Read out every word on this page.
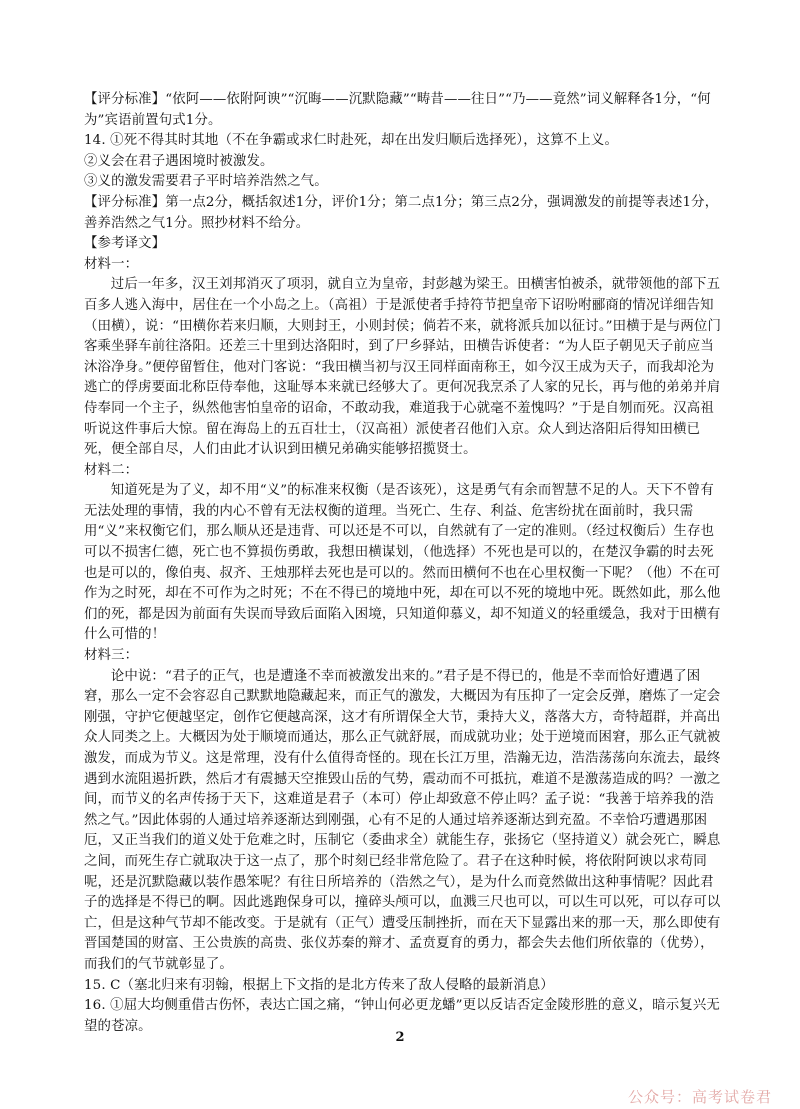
【评分标准】“依阿——依附阿谀”“沉晦——沉默隐藏”“畴昔——往日”“乃——竟然”词义解释各1分，“何为”宾语前置句式1分。

14. ①死不得其时其地（不在争霸或求仁时赴死，却在出发归顺后选择死），这算不上义。

②义会在君子遇困境时被激发。

③义的激发需要君子平时培养浩然之气。

【评分标准】第一点2分，概括叙述1分，评价1分；第二点1分；第三点2分，强调激发的前提等表述1分，善养浩然之气1分。照抄材料不给分。

【参考译文】

材料一：

过后一年多，汉王刘邦消灭了项羽，就自立为皇帝，封彭越为梁王。田横害怕被杀，就带领他的部下五百多人逃入海中，居住在一个小岛之上。（高祖）于是派使者手持符节把皇帝下诏吩咐郦商的情况详细告知（田横），说：“田横你若来归顺，大则封王，小则封侯；倘若不来，就将派兵加以征讨。”田横于是与两位门客乘坐驿车前往洛阳。还差三十里到达洛阳时，到了尸乡驿站，田横告诉使者：“为人臣子朝见天子前应当沐浴净身。”便停留暂住，他对门客说：“我田横当初与汉王同样面南称王，如今汉王成为天子，而我却沦为逃亡的俘虏要面北称臣侍奉他，这耻辱本来就已经够大了。更何况我烹杀了人家的兄长，再与他的弟弟并肩侍奉同一个主子，纵然他害怕皇帝的诏命，不敢动我，难道我于心就毫不羞愧吗？”于是自刎而死。汉高祖听说这件事后大惊。留在海岛上的五百壮士，（汉高祖）派使者召他们入京。众人到达洛阳后得知田横已死，便全部自尽，人们由此才认识到田横兄弟确实能够招揽贤士。

材料二：

知道死是为了义，却不用“义”的标准来权衡（是否该死），这是勇气有余而智慧不足的人。天下不曾有无法处理的事情，我的内心不曾有无法权衡的道理。当死亡、生存、利益、危害纷扰在面前时，我只需用“义”来权衡它们，那么顺从还是违背、可以还是不可以，自然就有了一定的准则。（经过权衡后）生存也可以不损害仁德，死亡也不算损伤勇敢，我想田横谋划，（他选择）不死也是可以的，在楚汉争霸的时去死也是可以的，像伯夷、叔齐、王烛那样去死也是可以的。然而田横何不也在心里权衡一下呢？（他）不在可作为之时死，却在不可作为之时死；不在不得已的境地中死，却在可以不死的境地中死。既然如此，那么他们的死，都是因为前面有失误而导致后面陷入困境，只知道仰慕义，却不知道义的轻重缓急，我对于田横有什么可惜的！

材料三：

论中说：“君子的正气，也是遭逢不幸而被激发出来的。”君子是不得已的，他是不幸而恰好遭遇了困窘，那么一定不会容忍自己默默地隐藏起来，而正气的激发，大概因为有压抑了一定会反弹，磨炼了一定会刚强，守护它便越坚定，创作它便越高深，这才有所谓保全大节，秉持大义，落落大方，奇特超群，并高出众人同类之上。大概因为处于顺境而通达，那么正气就舒展，而成就功业；处于逆境而困窘，那么正气就被激发，而成为节义。这是常理，没有什么值得奇怪的。现在长江万里，浩瀚无边，浩浩荡荡向东流去，最终遇到水流阻遏折跌，然后才有震撼天空推毁山岳的气势，震动而不可抵抗，难道不是激荡造成的吗？一激之间，而节义的名声传扬于天下，这难道是君子（本可）停止却致意不停止吗？孟子说：“我善于培养我的浩然之气。”因此体弱的人通过培养逐渐达到刚强，心有不足的人通过培养逐渐达到充盈。不幸恰巧遭遇那困厄，又正当我们的道义处于危难之时，压制它（委曲求全）就能生存，张扬它（坚持道义）就会死亡，瞬息之间，而死生存亡就取决于这一点了，那个时刻已经非常危险了。君子在这种时候，将依附阿谀以求苟同呢，还是沉默隐藏以装作愚笨呢？有往日所培养的（浩然之气），是为什么而竟然做出这种事情呢？因此君子的选择是不得已的啊。因此逃跑保身可以，撞碎头颅可以，血溅三尺也可以，可以生可以死，可以存可以亡，但是这种气节却不能改变。于是就有（正气）遭受压制挫折，而在天下显露出来的那一天，那么即使有晋国楚国的财富、王公贵族的高贵、张仪苏秦的辩才、孟贲夏育的勇力，都会失去他们所依靠的（优势），而我们的气节就彰显了。

15. C（塞北归来有羽翰，根据上下文指的是北方传来了敌人侵略的最新消息）

16. ①屈大均侧重借古伤怀，表达亡国之痛，“钟山何必更龙蟠”更以反诘否定金陵形胜的意义，暗示复兴无望的苍凉。

2
公众号：高考试卷君
